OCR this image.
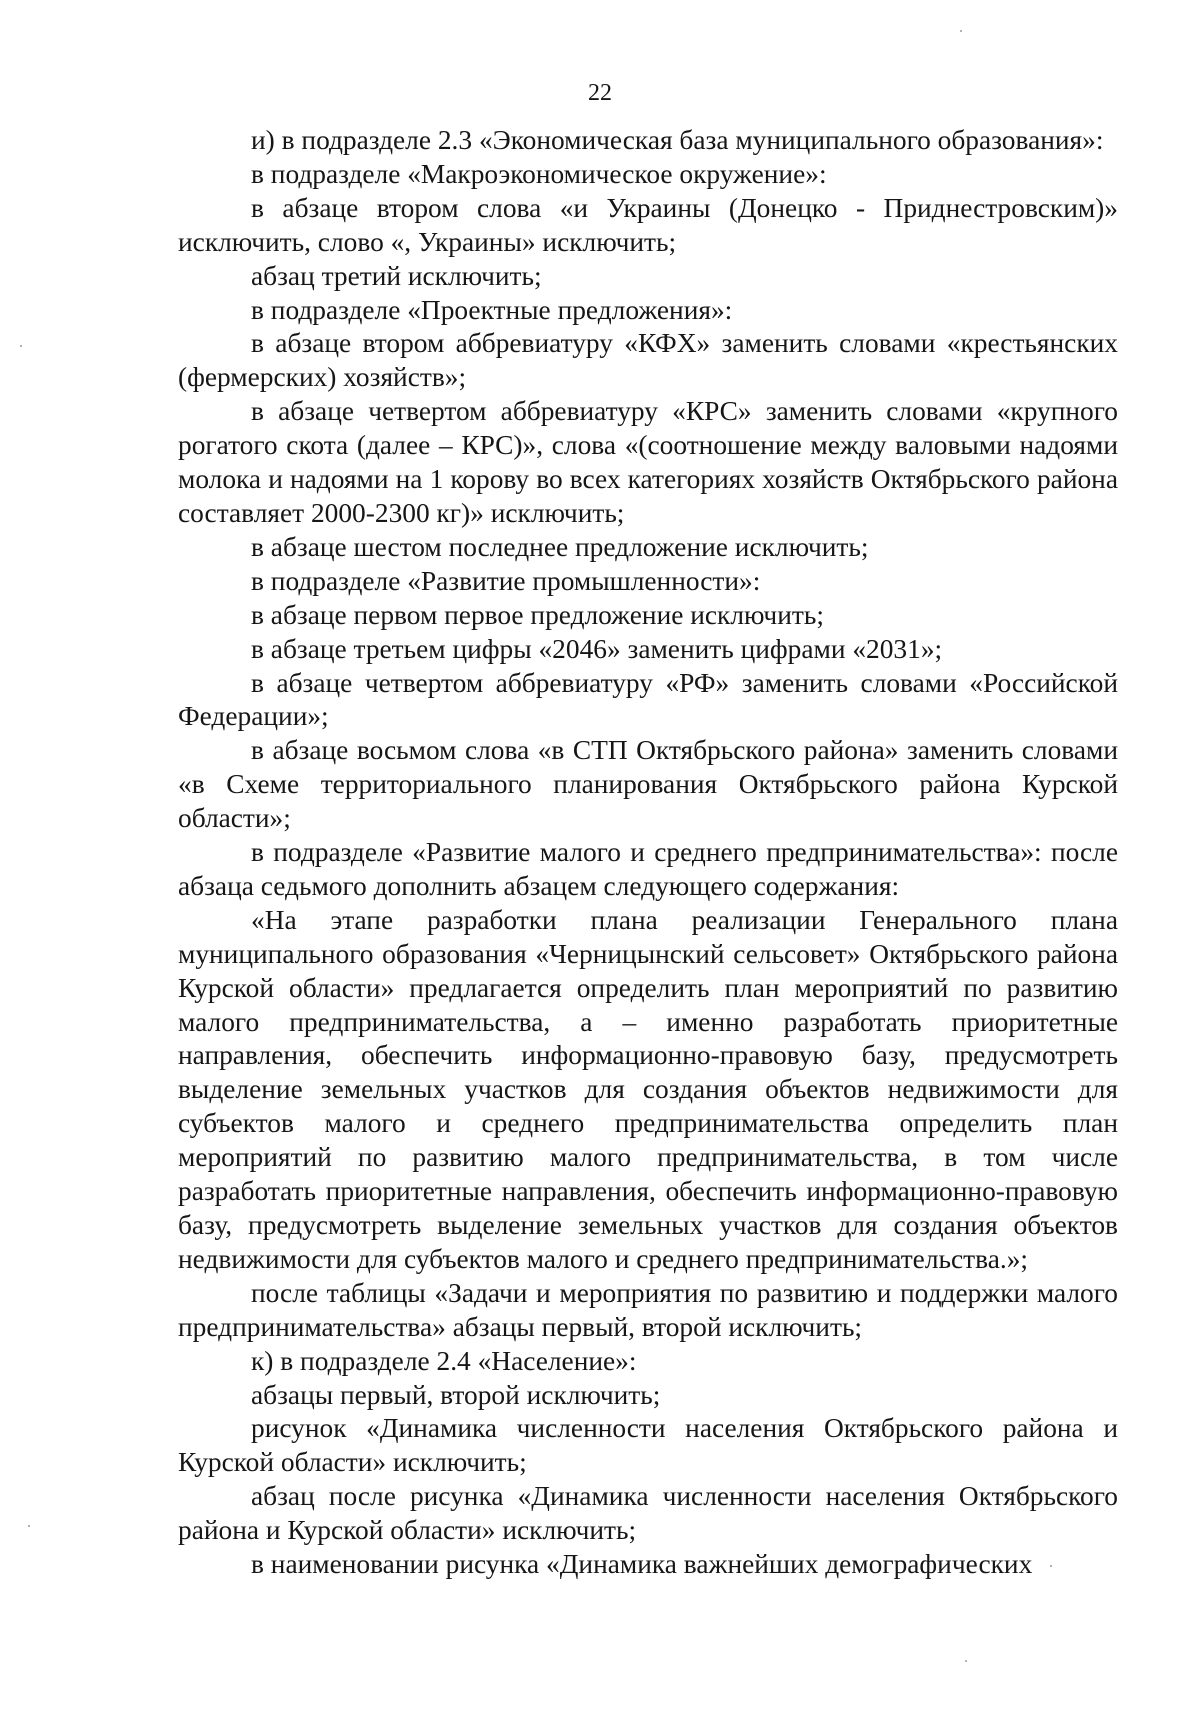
22

и) в подразделе 2.3 «Экономическая база муниципального образования»:

в подразделе «Макроэкономическое окружение»:

в абзаце втором слова «и Украины (Донецко - Приднестровским)» исключить, слово «, Украины» исключить;

абзац третий исключить;

в подразделе «Проектные предложения»:

в абзаце втором аббревиатуру «КФХ» заменить словами «крестьянских (фермерских) хозяйств»;

в абзаце четвертом аббревиатуру «КРС» заменить словами «крупного рогатого скота (далее – КРС)», слова «(соотношение между валовыми надоями молока и надоями на 1 корову во всех категориях хозяйств Октябрьского района составляет 2000-2300 кг)» исключить;

в абзаце шестом последнее предложение исключить;

в подразделе «Развитие промышленности»:

в абзаце первом первое предложение исключить;

в абзаце третьем цифры «2046» заменить цифрами «2031»;

в абзаце четвертом аббревиатуру «РФ» заменить словами «Российской Федерации»;

в абзаце восьмом слова «в СТП Октябрьского района» заменить словами «в Схеме территориального планирования Октябрьского района Курской области»;

в подразделе «Развитие малого и среднего предпринимательства»: после абзаца седьмого дополнить абзацем следующего содержания:

«На этапе разработки плана реализации Генерального плана муниципального образования «Черницынский сельсовет» Октябрьского района Курской области» предлагается определить план мероприятий по развитию малого предпринимательства, а – именно разработать приоритетные направления, обеспечить информационно-правовую базу, предусмотреть выделение земельных участков для создания объектов недвижимости для субъектов малого и среднего предпринимательства определить план мероприятий по развитию малого предпринимательства, в том числе разработать приоритетные направления, обеспечить информационно-правовую базу, предусмотреть выделение земельных участков для создания объектов недвижимости для субъектов малого и среднего предпринимательства.»;

после таблицы «Задачи и мероприятия по развитию и поддержки малого предпринимательства» абзацы первый, второй исключить;

к) в подразделе 2.4 «Население»:

абзацы первый, второй исключить;

рисунок «Динамика численности населения Октябрьского района и Курской области» исключить;

абзац после рисунка «Динамика численности населения Октябрьского района и Курской области» исключить;

в наименовании рисунка «Динамика важнейших демографических
